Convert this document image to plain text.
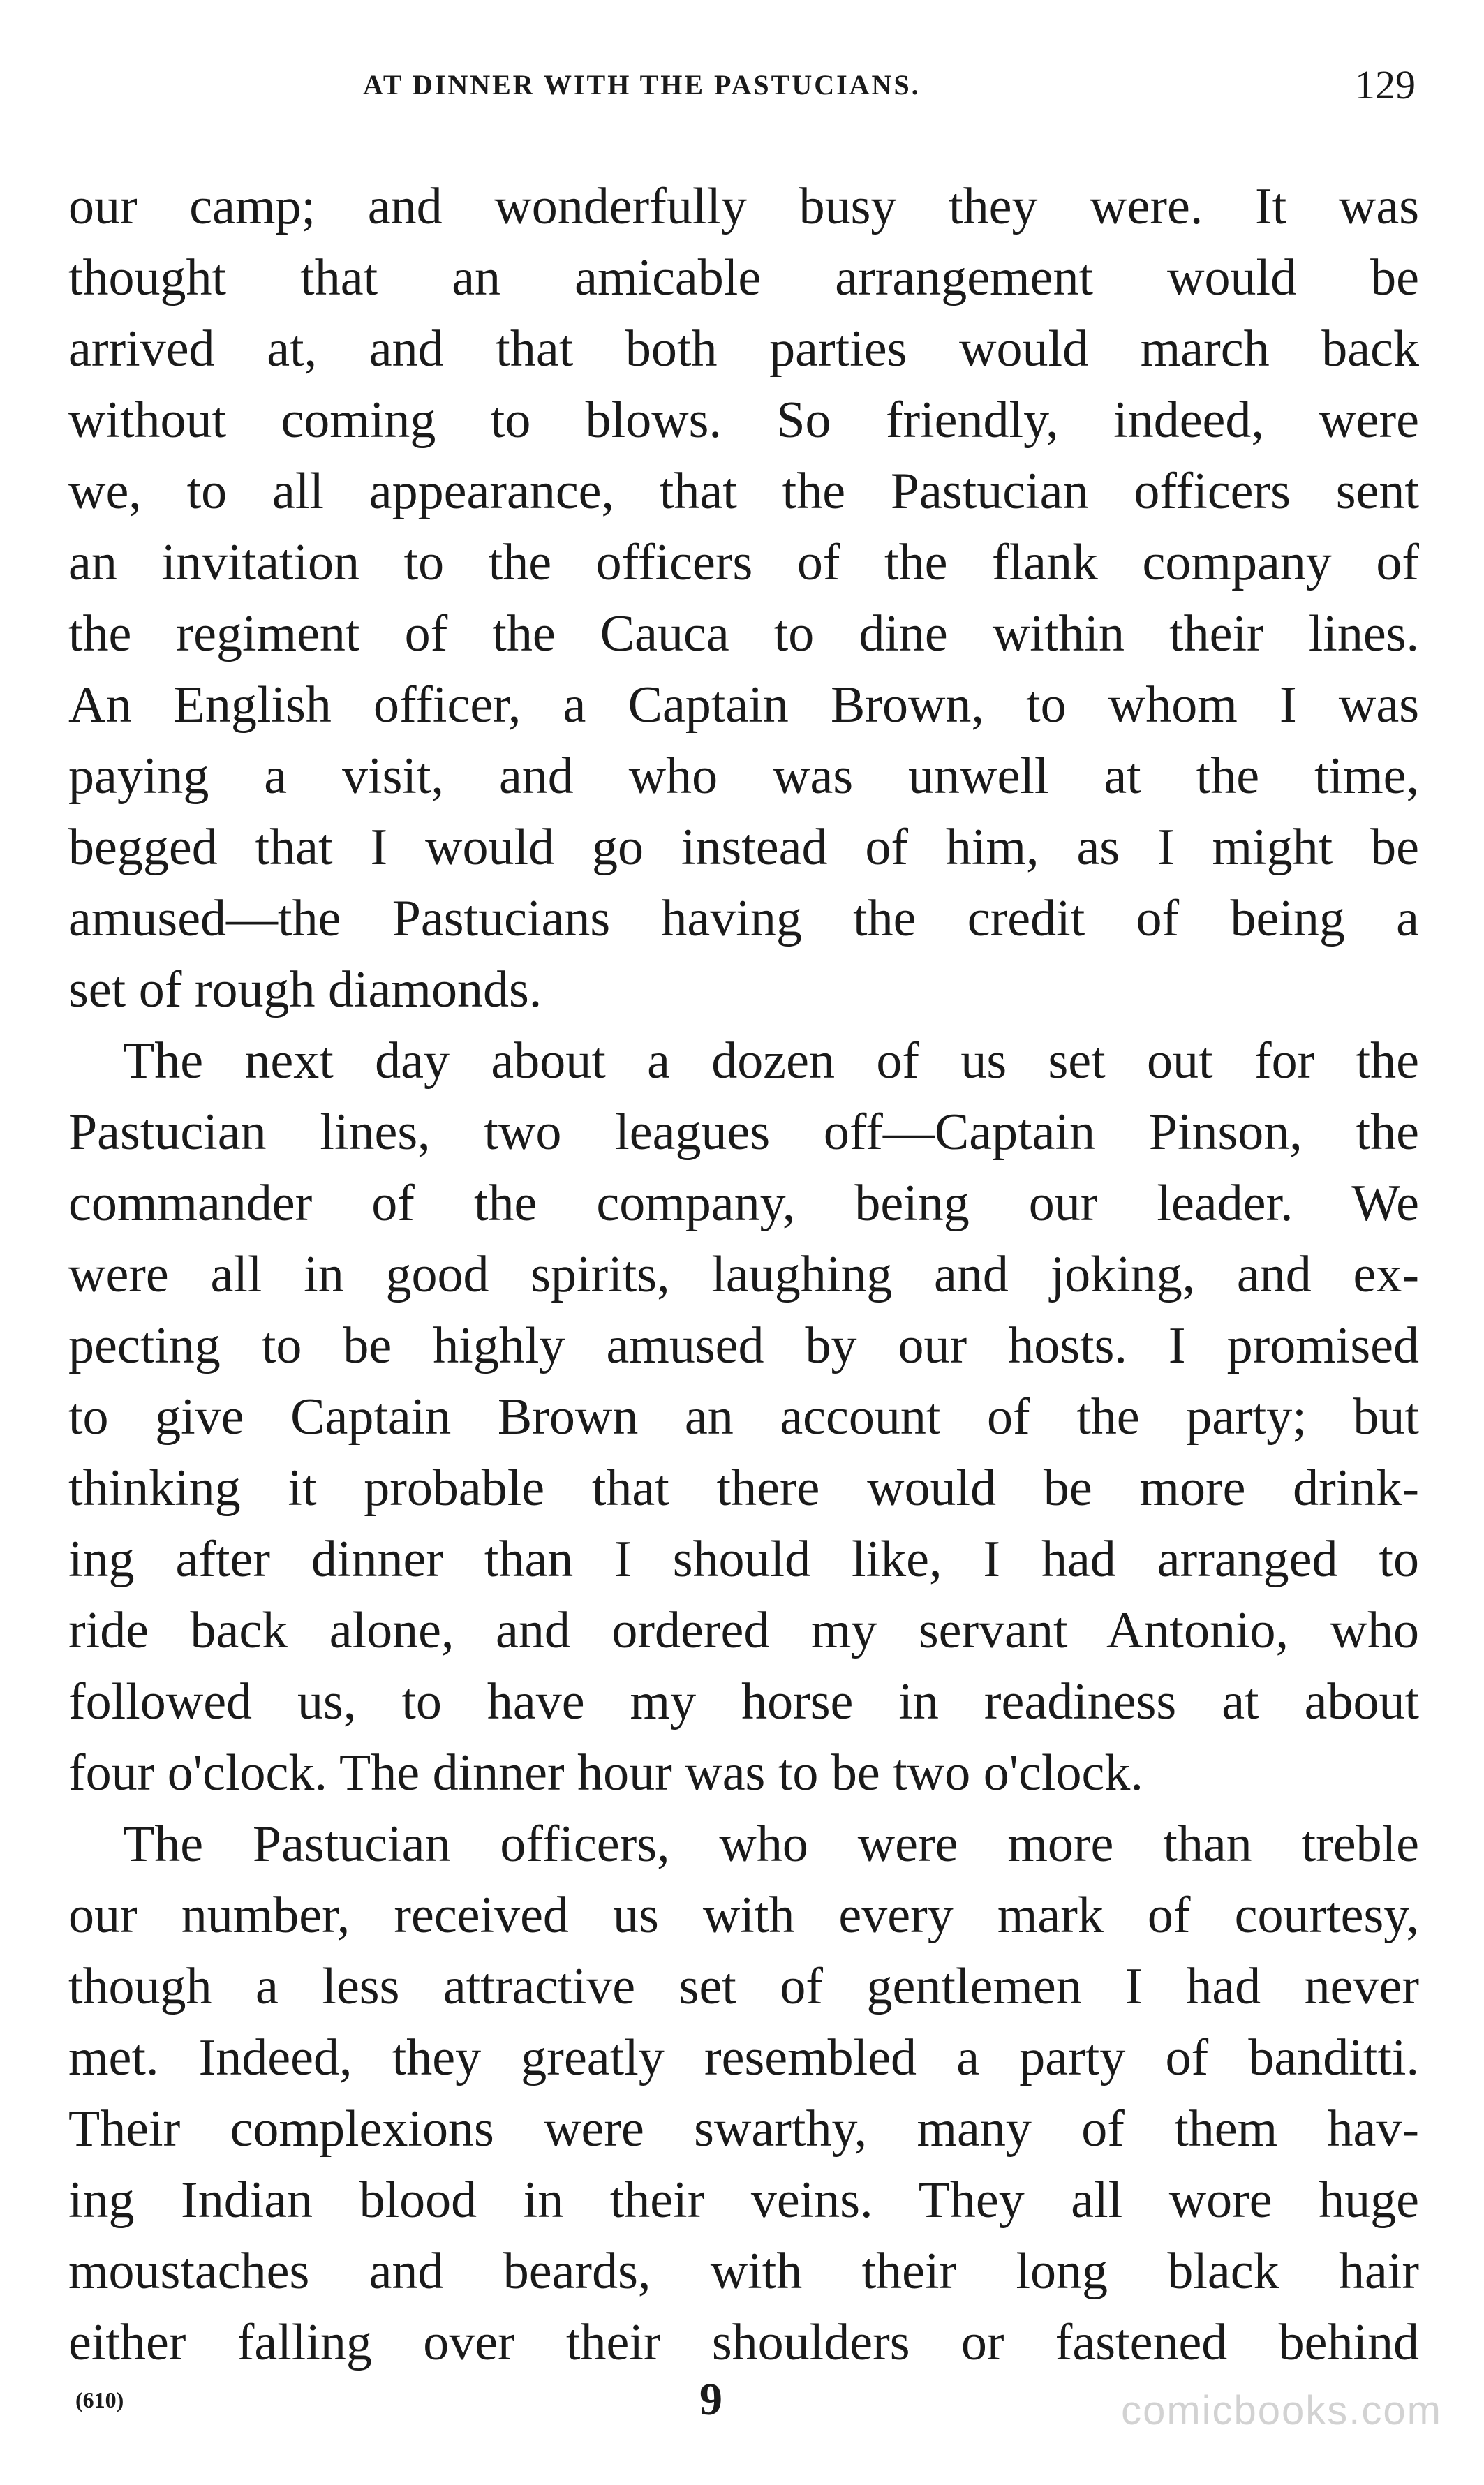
AT DINNER WITH THE PASTUCIANS.	129
our camp; and wonderfully busy they were. It was
thought that an amicable arrangement would be
arrived at, and that both parties would march back
without coming to blows. So friendly, indeed, were
we, to all appearance, that the Pastucian officers sent
an invitation to the officers of the flank company of
the regiment of the Cauca to dine within their lines.
An English officer, a Captain Brown, to whom I was
paying a visit, and who was unwell at the time,
begged that I would go instead of him, as I might be
amused—the Pastucians having the credit of being a
set of rough diamonds.
The next day about a dozen of us set out for the
Pastucian lines, two leagues off—Captain Pinson, the
commander of the company, being our leader. We
were all in good spirits, laughing and joking, and ex-
pecting to be highly amused by our hosts. I promised
to give Captain Brown an account of the party; but
thinking it probable that there would be more drink-
ing after dinner than I should like, I had arranged to
ride back alone, and ordered my servant Antonio, who
followed us, to have my horse in readiness at about
four o'clock. The dinner hour was to be two o'clock.
The Pastucian officers, who were more than treble
our number, received us with every mark of courtesy,
though a less attractive set of gentlemen I had never
met. Indeed, they greatly resembled a party of banditti.
Their complexions were swarthy, many of them hav-
ing Indian blood in their veins. They all wore huge
moustaches and beards, with their long black hair
either falling over their shoulders or fastened behind
(610)	9	comicbooks.com
